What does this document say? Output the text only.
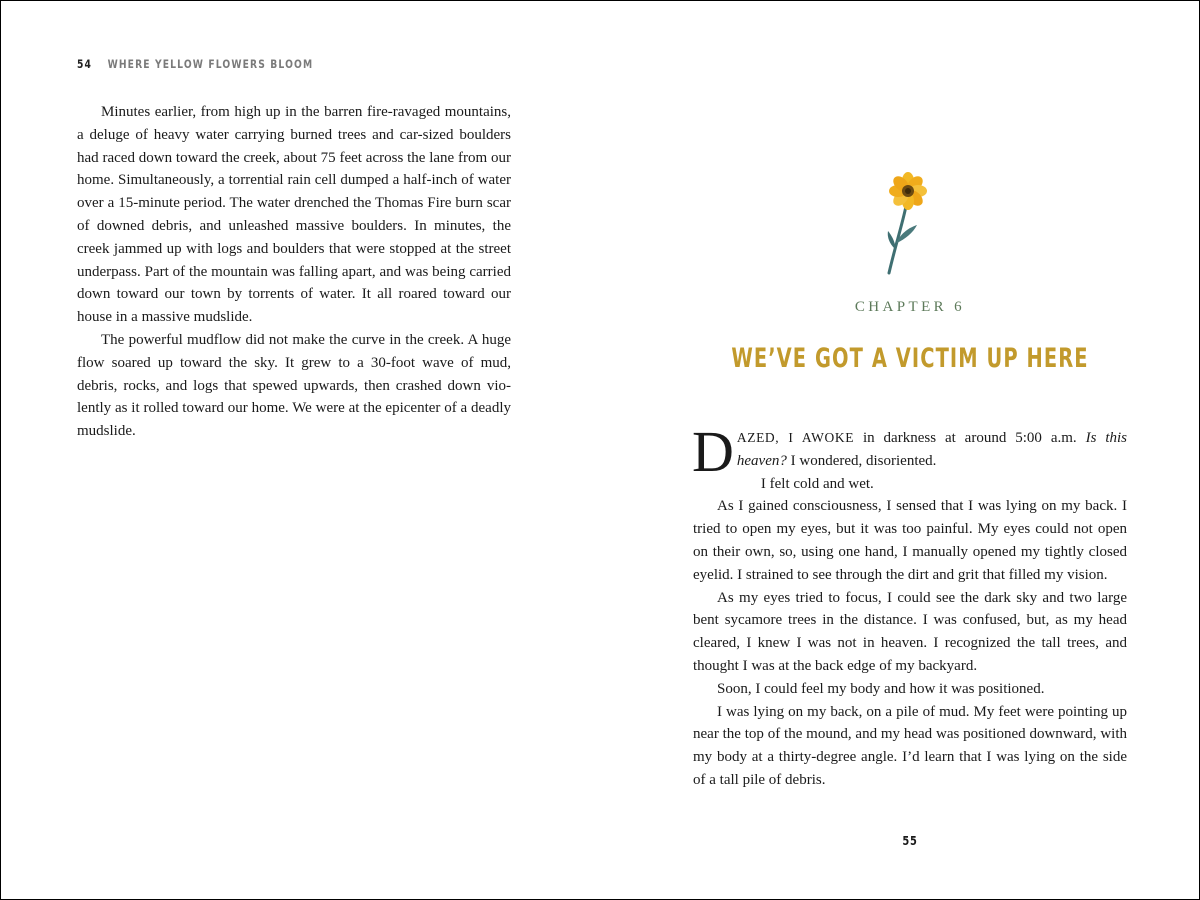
54 WHERE YELLOW FLOWERS BLOOM

Minutes earlier, from high up in the barren fire-ravaged mountains, a deluge of heavy water carrying burned trees and car-sized boulders had raced down toward the creek, about 75 feet across the lane from our home. Simultaneously, a torrential rain cell dumped a half-inch of water over a 15-minute period. The water drenched the Thomas Fire burn scar of downed debris, and unleashed massive boulders. In minutes, the creek jammed up with logs and boulders that were stopped at the street underpass. Part of the mountain was falling apart, and was being carried down toward our town by torrents of water. It all roared toward our house in a massive mudslide.

The powerful mudflow did not make the curve in the creek. A huge flow soared up toward the sky. It grew to a 30-foot wave of mud, debris, rocks, and logs that spewed upwards, then crashed down violently as it rolled toward our home. We were at the epicenter of a deadly mudslide.

CHAPTER 6
WE’VE GOT A VICTIM UP HERE

DAZED, I AWOKE in darkness at around 5:00 a.m. Is this heaven? I wondered, disoriented.

I felt cold and wet.

As I gained consciousness, I sensed that I was lying on my back. I tried to open my eyes, but it was too painful. My eyes could not open on their own, so, using one hand, I manually opened my tightly closed eyelid. I strained to see through the dirt and grit that filled my vision.

As my eyes tried to focus, I could see the dark sky and two large bent sycamore trees in the distance. I was confused, but, as my head cleared, I knew I was not in heaven. I recognized the tall trees, and thought I was at the back edge of my backyard.

Soon, I could feel my body and how it was positioned.

I was lying on my back, on a pile of mud. My feet were pointing up near the top of the mound, and my head was positioned downward, with my body at a thirty-degree angle. I’d learn that I was lying on the side of a tall pile of debris.

55
